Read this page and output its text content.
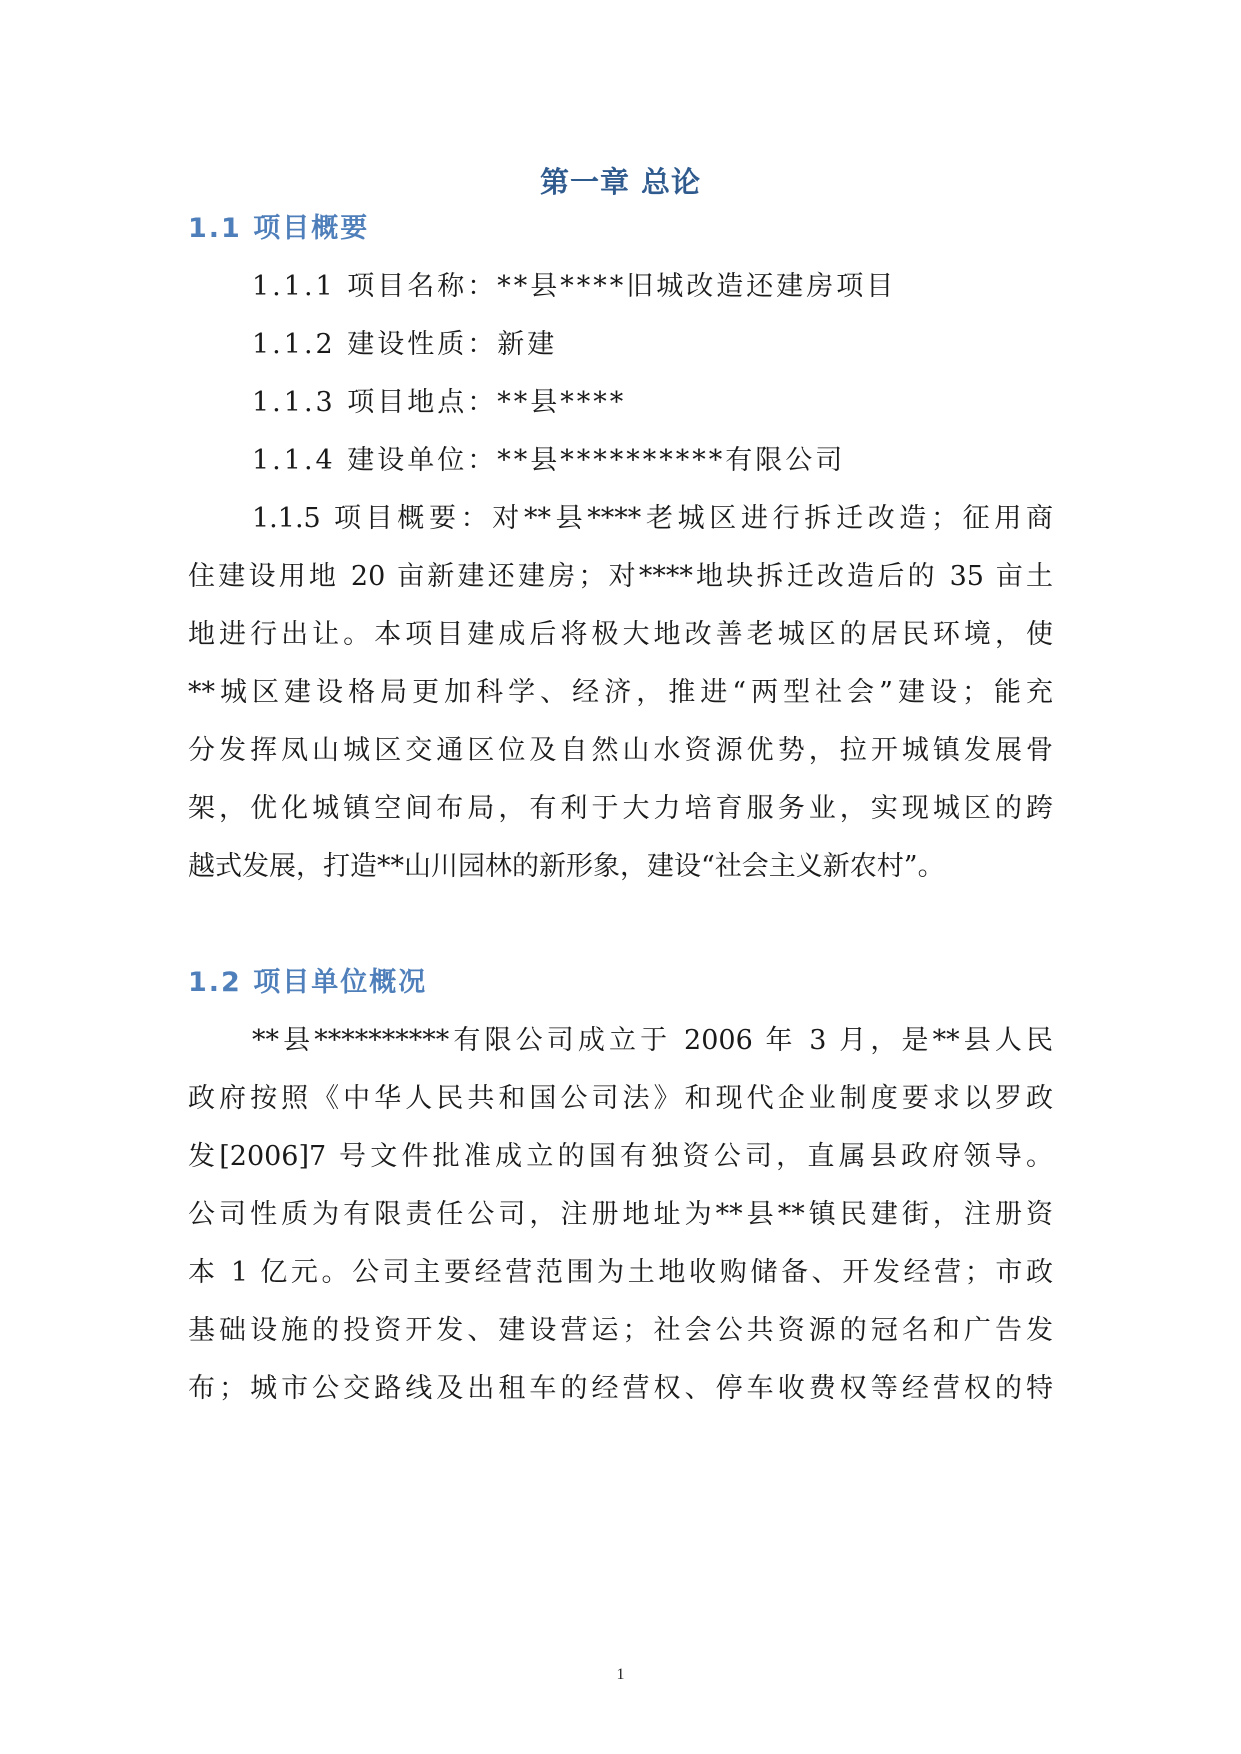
第一章 总论
1.1 项目概要

1.1.1 项目名称：**县****旧城改造还建房项目

1.1.2 建设性质：新建

1.1.3 项目地点：**县****

1.1.4 建设单位：**县**********有限公司

1.1.5 项目概要：对**县****老城区进行拆迁改造；征用商

住建设用地 20 亩新建还建房；对****地块拆迁改造后的 35 亩土

地进行出让。本项目建成后将极大地改善老城区的居民环境，使

**城区建设格局更加科学、经济，推进“两型社会”建设；能充

分发挥凤山城区交通区位及自然山水资源优势，拉开城镇发展骨

架，优化城镇空间布局，有利于大力培育服务业，实现城区的跨

越式发展，打造**山川园林的新形象，建设“社会主义新农村”。

1.2 项目单位概况

**县**********有限公司成立于 2006 年 3 月，是**县人民

政府按照《中华人民共和国公司法》和现代企业制度要求以罗政

发[2006]7 号文件批准成立的国有独资公司，直属县政府领导。

公司性质为有限责任公司，注册地址为**县**镇民建街，注册资

本 1 亿元。公司主要经营范围为土地收购储备、开发经营；市政

基础设施的投资开发、建设营运；社会公共资源的冠名和广告发

布；城市公交路线及出租车的经营权、停车收费权等经营权的特

1
